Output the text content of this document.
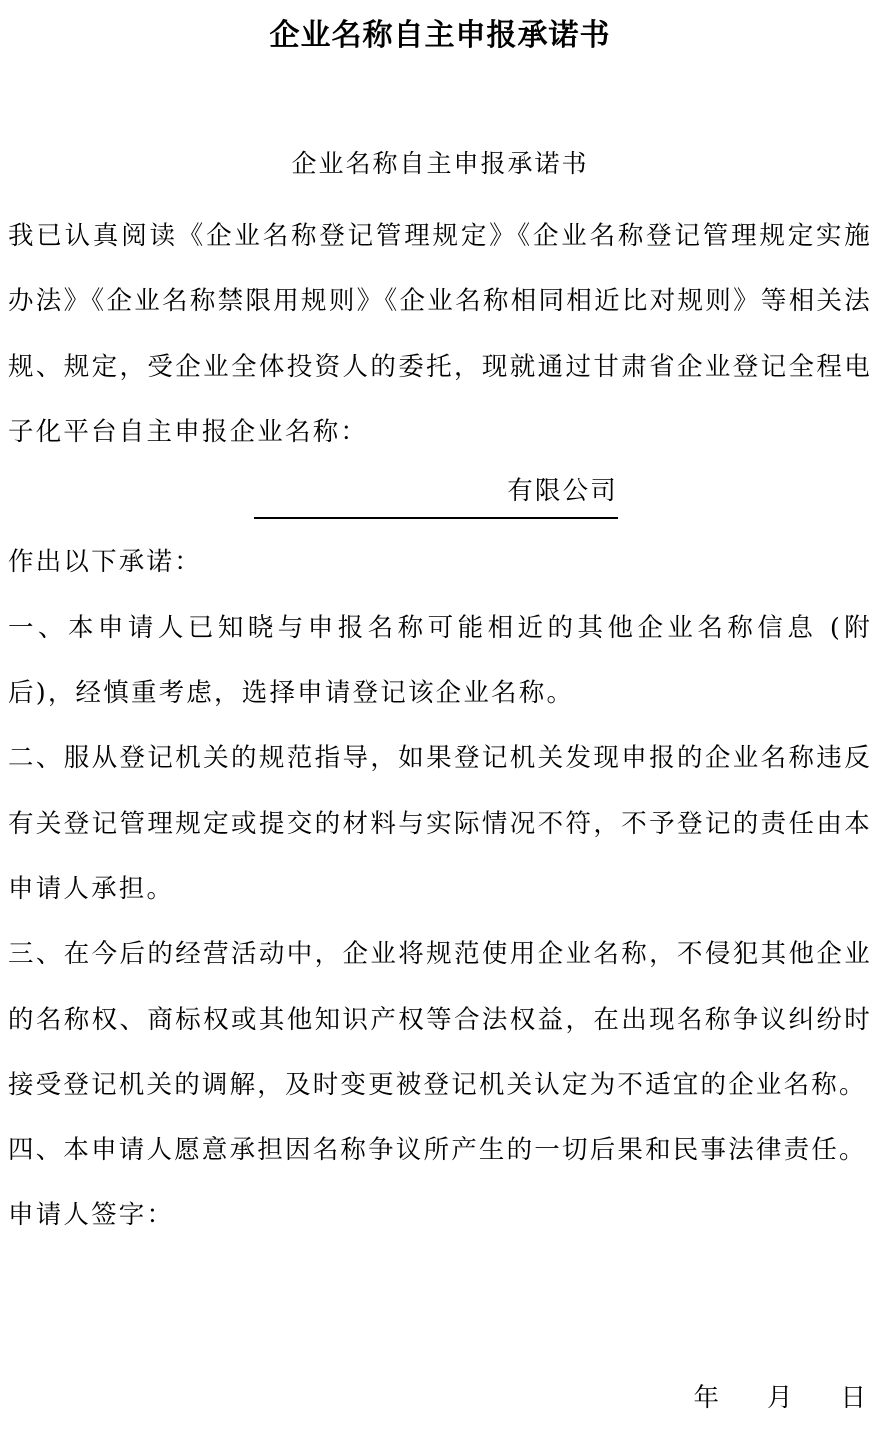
企业名称自主申报承诺书
企业名称自主申报承诺书

我已认真阅读《企业名称登记管理规定》《企业名称登记管理规定实施办法》《企业名称禁限用规则》《企业名称相同相近比对规则》等相关法规、规定，受企业全体投资人的委托，现就通过甘肃省企业登记全程电子化平台自主申报企业名称：

有限公司

作出以下承诺：

一、本申请人已知晓与申报名称可能相近的其他企业名称信息 (附后)，经慎重考虑，选择申请登记该企业名称。

二、服从登记机关的规范指导，如果登记机关发现申报的企业名称违反有关登记管理规定或提交的材料与实际情况不符，不予登记的责任由本申请人承担。

三、在今后的经营活动中，企业将规范使用企业名称，不侵犯其他企业的名称权、商标权或其他知识产权等合法权益，在出现名称争议纠纷时接受登记机关的调解，及时变更被登记机关认定为不适宜的企业名称。

四、本申请人愿意承担因名称争议所产生的一切后果和民事法律责任。

申请人签字：

年 月 日
